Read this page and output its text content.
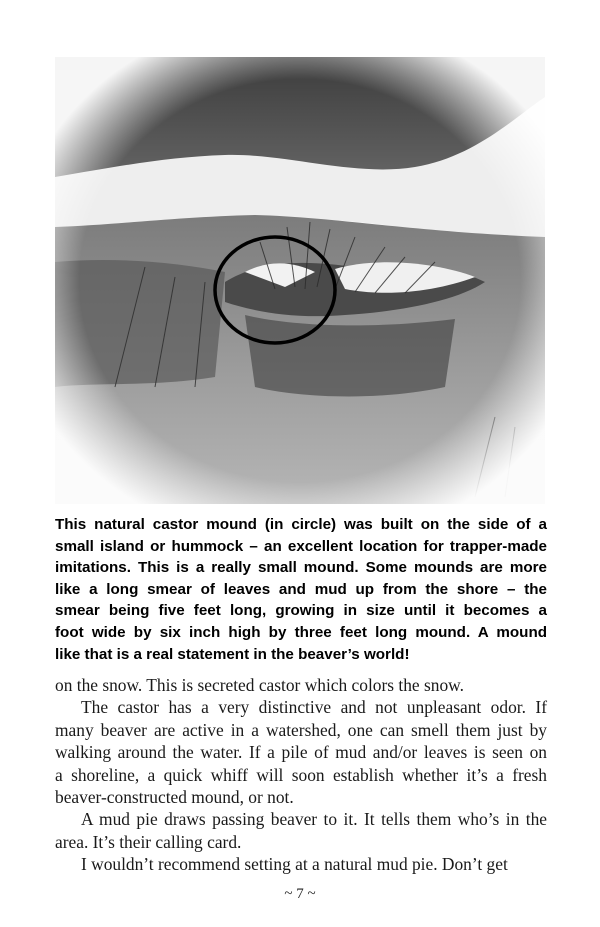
This natural castor mound (in circle) was built on the side of a
small island or hummock – an excellent location for trapper-made
imitations. This is a really small mound. Some mounds are more
like a long smear of leaves and mud up from the shore – the
smear being five feet long, growing in size until it becomes a
foot wide by six inch high by three feet long mound. A mound
like that is a real statement in the beaver’s world!

on the snow. This is secreted castor which colors the snow.
The castor has a very distinctive and not unpleasant odor. If
many beaver are active in a watershed, one can smell them just by
walking around the water. If a pile of mud and/or leaves is seen on
a shoreline, a quick whiff will soon establish whether it’s a fresh
beaver-constructed mound, or not.
A mud pie draws passing beaver to it. It tells them who’s in the
area. It’s their calling card.
I wouldn’t recommend setting at a natural mud pie. Don’t get
~ 7 ~
